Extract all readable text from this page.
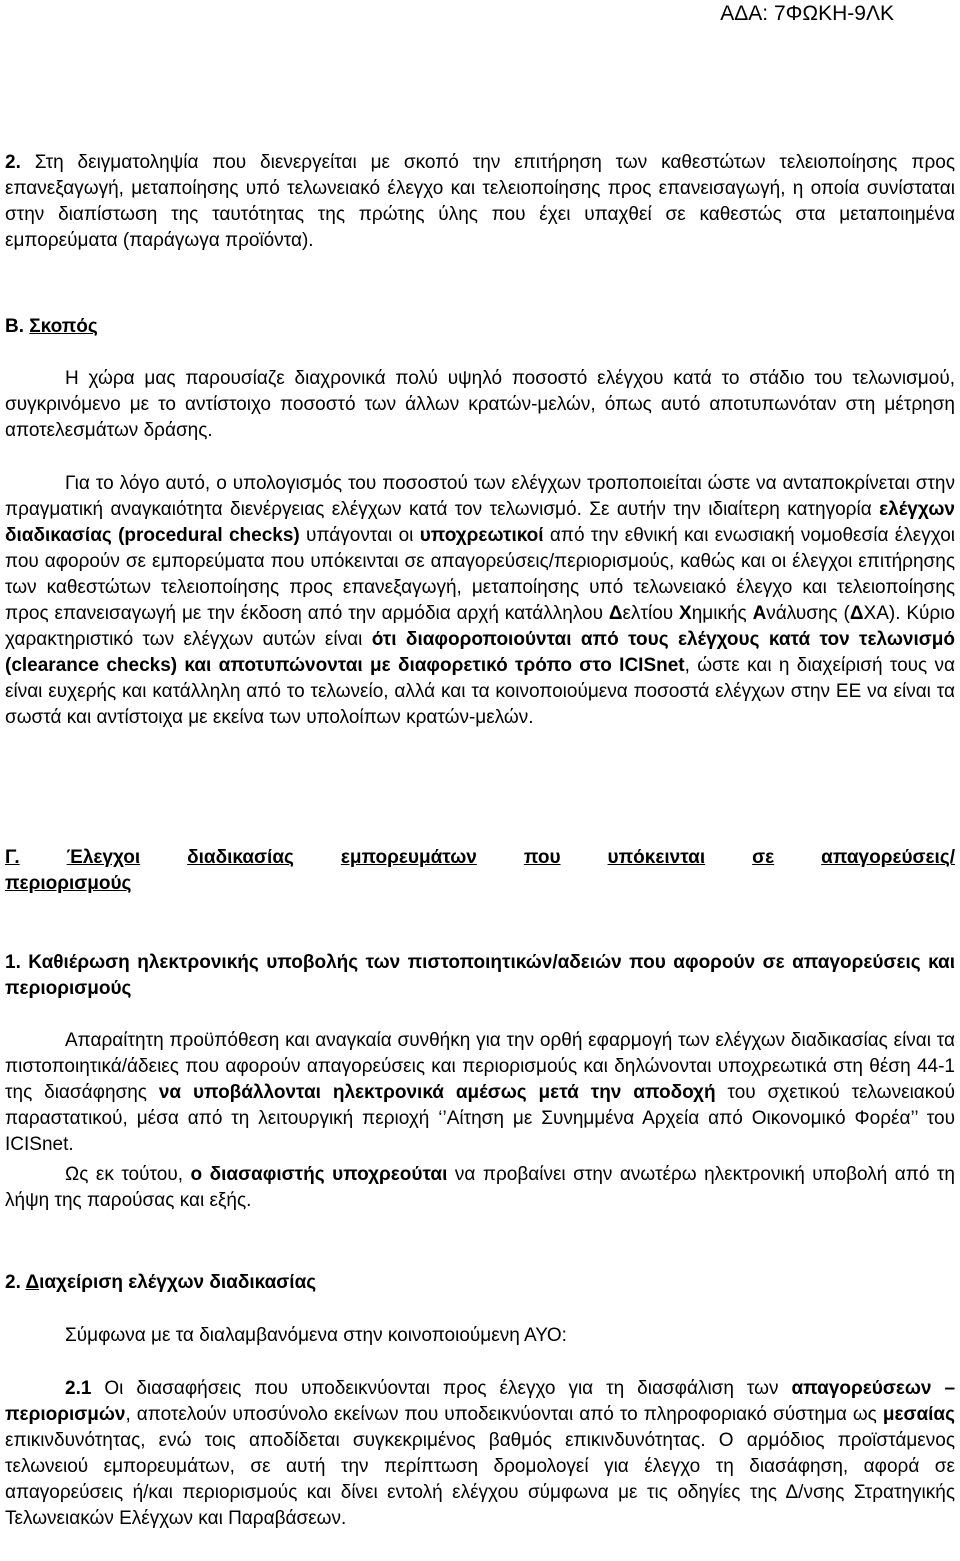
ΑΔΑ: 7ΦΩΚΗ-9ΛΚ
2. Στη δειγματοληψία που διενεργείται με σκοπό την επιτήρηση των καθεστώτων τελειοποίησης προς επανεξαγωγή, μεταποίησης υπό τελωνειακό έλεγχο και τελειοποίησης προς επανεισαγωγή, η οποία συνίσταται στην διαπίστωση της ταυτότητας της πρώτης ύλης που έχει υπαχθεί σε καθεστώς στα μεταποιημένα εμπορεύματα (παράγωγα προϊόντα).
Β. Σκοπός
Η χώρα μας παρουσίαζε διαχρονικά πολύ υψηλό ποσοστό ελέγχου κατά το στάδιο του τελωνισμού, συγκρινόμενο με το αντίστοιχο ποσοστό των άλλων κρατών-μελών, όπως αυτό αποτυπωνόταν στη μέτρηση αποτελεσμάτων δράσης.
Για το λόγο αυτό, ο υπολογισμός του ποσοστού των ελέγχων τροποποιείται ώστε να ανταποκρίνεται στην πραγματική αναγκαιότητα διενέργειας ελέγχων κατά τον τελωνισμό. Σε αυτήν την ιδιαίτερη κατηγορία ελέγχων διαδικασίας (procedural checks) υπάγονται οι υποχρεωτικοί από την εθνική και ενωσιακή νομοθεσία έλεγχοι που αφορούν σε εμπορεύματα που υπόκεινται σε απαγορεύσεις/περιορισμούς, καθώς και οι έλεγχοι επιτήρησης των καθεστώτων τελειοποίησης προς επανεξαγωγή, μεταποίησης υπό τελωνειακό έλεγχο και τελειοποίησης προς επανεισαγωγή με την έκδοση από την αρμόδια αρχή κατάλληλου Δελτίου Χημικής Ανάλυσης (ΔΧΑ). Κύριο χαρακτηριστικό των ελέγχων αυτών είναι ότι διαφοροποιούνται από τους ελέγχους κατά τον τελωνισμό (clearance checks) και αποτυπώνονται με διαφορετικό τρόπο στο ICISnet, ώστε και η διαχείρισή τους να είναι ευχερής και κατάλληλη από το τελωνείο, αλλά και τα κοινοποιούμενα ποσοστά ελέγχων στην ΕΕ να είναι τα σωστά και αντίστοιχα με εκείνα των υπολοίπων κρατών-μελών.
Γ. Έλεγχοι διαδικασίας εμπορευμάτων που υπόκεινται σε απαγορεύσεις/
περιορισμούς
1. Καθιέρωση ηλεκτρονικής υποβολής των πιστοποιητικών/αδειών που αφορούν σε απαγορεύσεις και περιορισμούς
Απαραίτητη προϋπόθεση και αναγκαία συνθήκη για την ορθή εφαρμογή των ελέγχων διαδικασίας είναι τα πιστοποιητικά/άδειες που αφορούν απαγορεύσεις και περιορισμούς και δηλώνονται υποχρεωτικά στη θέση 44-1 της διασάφησης να υποβάλλονται ηλεκτρονικά αμέσως μετά την αποδοχή του σχετικού τελωνειακού παραστατικού, μέσα από τη λειτουργική περιοχή ‘’Αίτηση με Συνημμένα Αρχεία από Οικονομικό Φορέα’’ του ICISnet.
Ως εκ τούτου, ο διασαφιστής υποχρεούται να προβαίνει στην ανωτέρω ηλεκτρονική υποβολή από τη λήψη της παρούσας και εξής.
2. Διαχείριση ελέγχων διαδικασίας
Σύμφωνα με τα διαλαμβανόμενα στην κοινοποιούμενη ΑΥΟ:
2.1 Οι διασαφήσεις που υποδεικνύονται προς έλεγχο για τη διασφάλιση των απαγορεύσεων – περιορισμών, αποτελούν υποσύνολο εκείνων που υποδεικνύονται από το πληροφοριακό σύστημα ως μεσαίας επικινδυνότητας, ενώ τοις αποδίδεται συγκεκριμένος βαθμός επικινδυνότητας. Ο αρμόδιος προϊστάμενος τελωνειού εμπορευμάτων, σε αυτή την περίπτωση δρομολογεί για έλεγχο τη διασάφηση, αφορά σε απαγορεύσεις ή/και περιορισμούς και δίνει εντολή ελέγχου σύμφωνα με τις οδηγίες της Δ/νσης Στρατηγικής Τελωνειακών Ελέγχων και Παραβάσεων.
